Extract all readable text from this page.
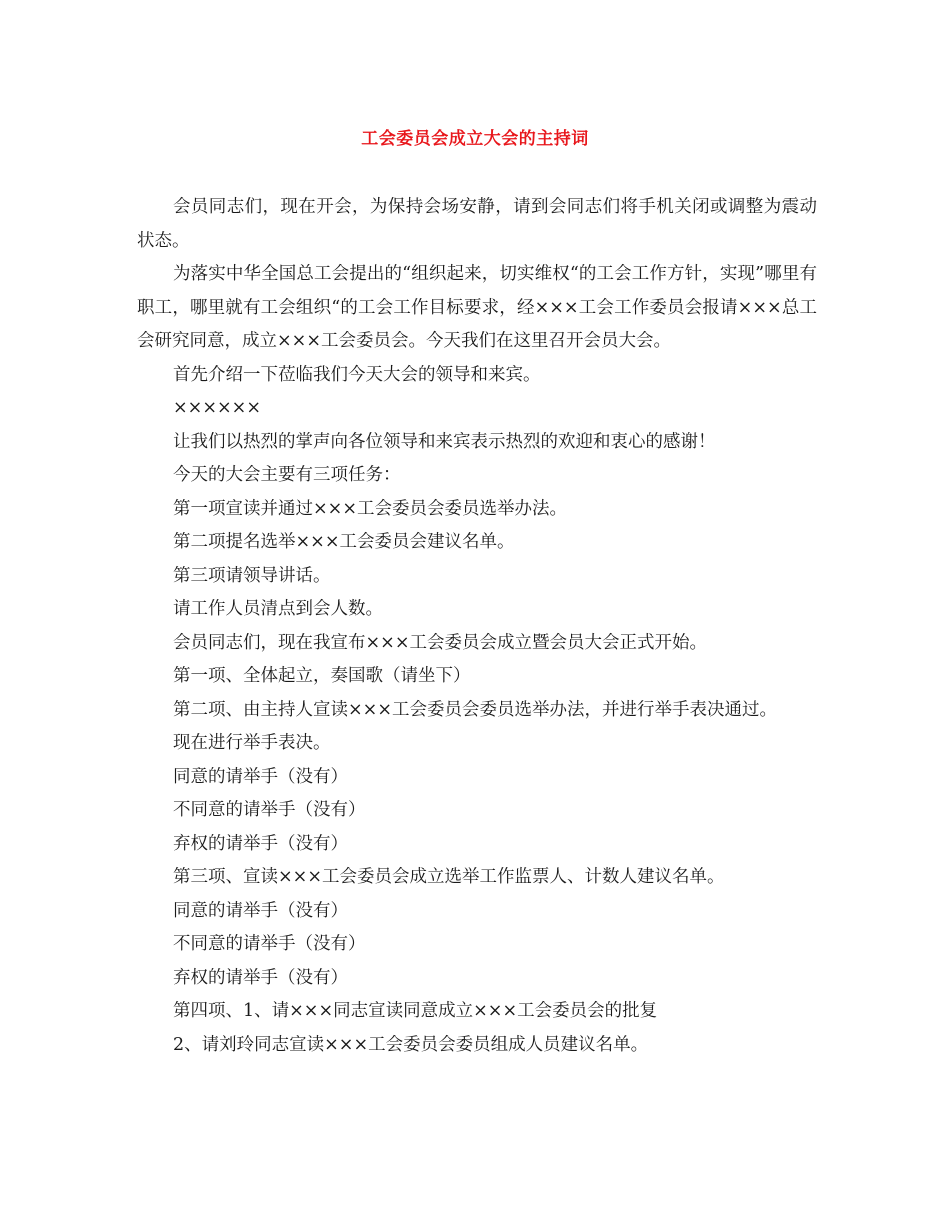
工会委员会成立大会的主持词

会员同志们，现在开会，为保持会场安静，请到会同志们将手机关闭或调整为震动状态。

为落实中华全国总工会提出的“组织起来，切实维权“的工会工作方针，实现”哪里有职工，哪里就有工会组织“的工会工作目标要求，经×××工会工作委员会报请×××总工会研究同意，成立×××工会委员会。今天我们在这里召开会员大会。

首先介绍一下莅临我们今天大会的领导和来宾。

××××××

让我们以热烈的掌声向各位领导和来宾表示热烈的欢迎和衷心的感谢！

今天的大会主要有三项任务：

第一项宣读并通过×××工会委员会委员选举办法。

第二项提名选举×××工会委员会建议名单。

第三项请领导讲话。

请工作人员清点到会人数。

会员同志们，现在我宣布×××工会委员会成立暨会员大会正式开始。

第一项、全体起立，奏国歌（请坐下）

第二项、由主持人宣读×××工会委员会委员选举办法，并进行举手表决通过。

现在进行举手表决。

同意的请举手（没有）

不同意的请举手（没有）

弃权的请举手（没有）

第三项、宣读×××工会委员会成立选举工作监票人、计数人建议名单。

同意的请举手（没有）

不同意的请举手（没有）

弃权的请举手（没有）

第四项、1、请×××同志宣读同意成立×××工会委员会的批复

2、请刘玲同志宣读×××工会委员会委员组成人员建议名单。
